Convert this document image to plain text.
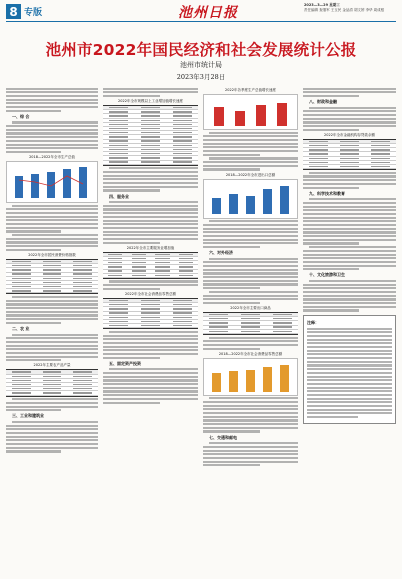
8 专版	池州日报	2023—3—29 星期三
责任编辑 查继军 王玉民 金品清 胡文婷 李华 周成根
池州市2022年国民经济和社会发展统计公报
池州市统计局
2023年3月28日
一、综 合
2018—2022年全市生产总值
2022年全市居民消费价格指数
二、农 业
2022年主要农产品产量
三、工业和建筑业
2022年全市规模以上工业增加值增长速度
四、服务业
2022年全市主要服务业增加值
2022年全市社会消费品零售总额
五、固定资产投资
2022年各季度生产总值增长速度
2018—2022年全市进出口总额
六、对外经济
2022年全市主要出口商品
2018—2022年全市社会消费品零售总额
七、交通和邮电
八、财政和金融
2022年全市金融机构存贷款余额
九、科学技术和教育
十、文化旅游和卫生
注释：
